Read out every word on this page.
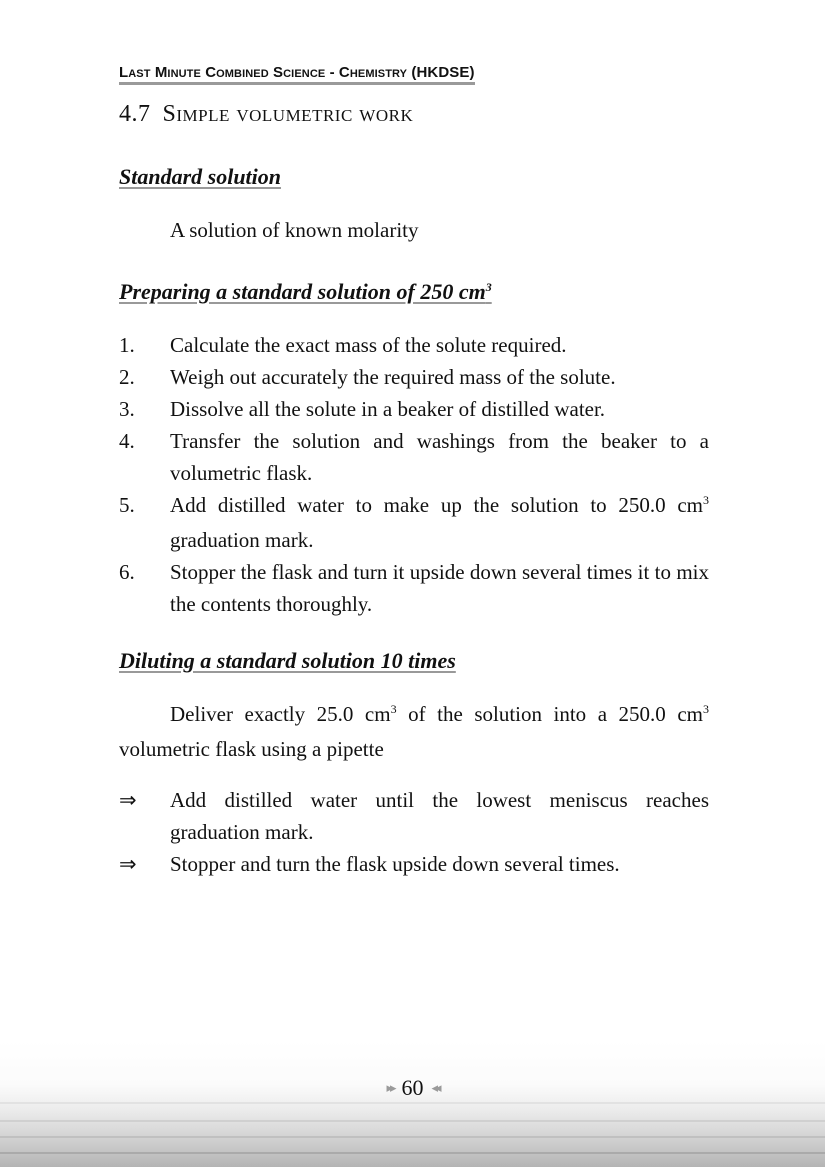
Last Minute Combined Science - Chemistry (HKDSE)
4.7 Simple volumetric work
Standard solution
A solution of known molarity
Preparing a standard solution of 250 $cm^3$
1.	Calculate the exact mass of the solute required.
2.	Weigh out accurately the required mass of the solute.
3.	Dissolve all the solute in a beaker of distilled water.
4.	Transfer the solution and washings from the beaker to a volumetric flask.
5.	Add distilled water to make up the solution to 250.0 $cm^3$ graduation mark.
6.	Stopper the flask and turn it upside down several times it to mix the contents thoroughly.
Diluting a standard solution 10 times
Deliver exactly 25.0 $cm^3$ of the solution into a 250.0 $cm^3$ volumetric flask using a pipette
⇒	Add distilled water until the lowest meniscus reaches graduation mark.
⇒	Stopper and turn the flask upside down several times.
▸▸ 60 ◂◂
